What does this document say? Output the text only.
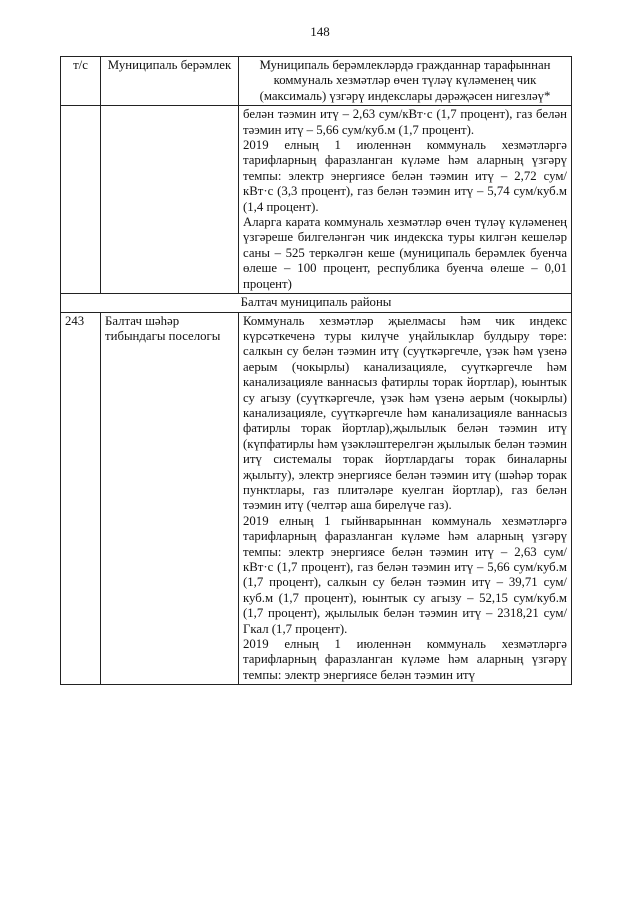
148
т/с	Муниципаль берәмлек	Муниципаль берәмлекләрдә гражданнар тарафыннан коммуналь хезмәтләр өчен түләү күләменең чик (максималь) үзгәрү индекслары дәрәҗәсен нигезләү*

		белән тәэмин итү – 2,63 сум/кВт·с (1,7 процент), газ белән тәэмин итү – 5,66 сум/куб.м (1,7 процент).

2019 елның 1 июленнән коммуналь хезмәтләргә тарифларның фаразланган күләме һәм аларның үзгәрү темпы: электр энергиясе белән тәэмин итү – 2,72 сум/кВт·с (3,3 процент), газ белән тәэмин итү – 5,74 сум/куб.м (1,4 процент).

Аларга карата коммуналь хезмәтләр өчен түләү күләменең үзгәреше билгеләнгән чик индекска туры килгән кешеләр саны – 525 теркәлгән кеше (муниципаль берәмлек буенча өлеше – 100 процент, республика буенча өлеше – 0,01 процент)

Балтач муниципаль районы		
243	Балтач шәһәр тибындагы поселогы	Коммуналь хезмәтләр җыелмасы һәм чик индекс күрсәткеченә туры килүче уңайлыклар булдыру төре: салкын су белән тәэмин итү (суүткәргечле, үзәк һәм үзенә аерым (чокырлы) канализацияле, суүткәргечле һәм канализацияле ваннасыз фатирлы торак йортлар), юынтык су агызу (суүткәргечле, үзәк һәм үзенә аерым (чокырлы) канализацияле, суүткәргечле һәм канализацияле ваннасыз фатирлы торак йортлар),җылылык белән тәэмин итү (күпфатирлы һәм үзәкләштерелгән җылылык белән тәэмин итү системалы торак йортлардагы торак биналарны җылыту), электр энергиясе белән тәэмин итү (шәһәр торак пунктлары, газ плитәләре куелган йортлар), газ белән тәэмин итү (челтәр аша бирелүче газ).

2019 елның 1 гыйнварыннан коммуналь хезмәтләргә тарифларның фаразланган күләме һәм аларның үзгәрү темпы: электр энергиясе белән тәэмин итү – 2,63 сум/кВт·с (1,7 процент), газ белән тәэмин итү – 5,66 сум/куб.м (1,7 процент), салкын су белән тәэмин итү – 39,71 сум/куб.м (1,7 процент), юынтык су агызу – 52,15 сум/куб.м (1,7 процент), җылылык белән тәэмин итү – 2318,21 сум/Гкал (1,7 процент).

2019 елның 1 июленнән коммуналь хезмәтләргә тарифларның фаразланган күләме һәм аларның үзгәрү темпы: электр энергиясе белән тәэмин итү
